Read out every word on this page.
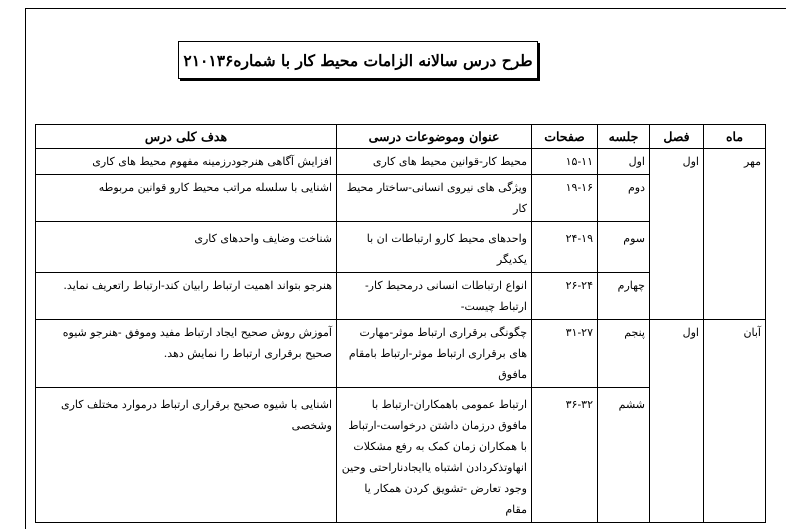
طرح درس سالانه الزامات محیط کار با شماره۲۱۰۱۳۶
ماه	فصل	جلسه	صفحات	عنوان وموضوعات درسی	هدف کلی درس
مهر	اول	اول	۱۵-۱۱	محیط کار-قوانین محیط های کاری	افزایش آگاهی هنرجودرزمینه مفهوم محیط های کاری
		دوم	۱۹-۱۶	ویژگی های نیروی انسانی-ساختار محیط کار	اشنایی با سلسله مراتب محیط کارو قوانین مربوطه
		سوم	۲۴-۱۹	واحدهای محیط کارو ارتباطات ان با یکدیگر	شناخت وضایف واحدهای کاری
		چهارم	۲۶-۲۴	انواع ارتباطات انسانی درمحیط کار-ارتباط چیست-	هنرجو بتواند اهمیت ارتباط رابیان کند-ارتباط راتعریف نماید.
آبان	اول	پنجم	۳۱-۲۷	چگونگی برقراری ارتباط موثر-مهارت های برقراری ارتباط موثر-ارتباط بامقام مافوق	آموزش روش صحیح ایجاد ارتباط مفید وموفق -هنرجو شیوه صحیح برقراری ارتباط را نمایش دهد.
		ششم	۳۶-۳۲	ارتباط عمومی باهمکاران-ارتباط با مافوق درزمان داشتن درخواست-ارتباط با همکاران زمان کمک به رفع مشکلات انهاوتذکردادن اشتباه یاایجادناراحتی وحین وجود تعارض -تشویق کردن همکار یا مقام	اشنایی با شیوه صحیح برقراری ارتباط درموارد مختلف کاری وشخصی
